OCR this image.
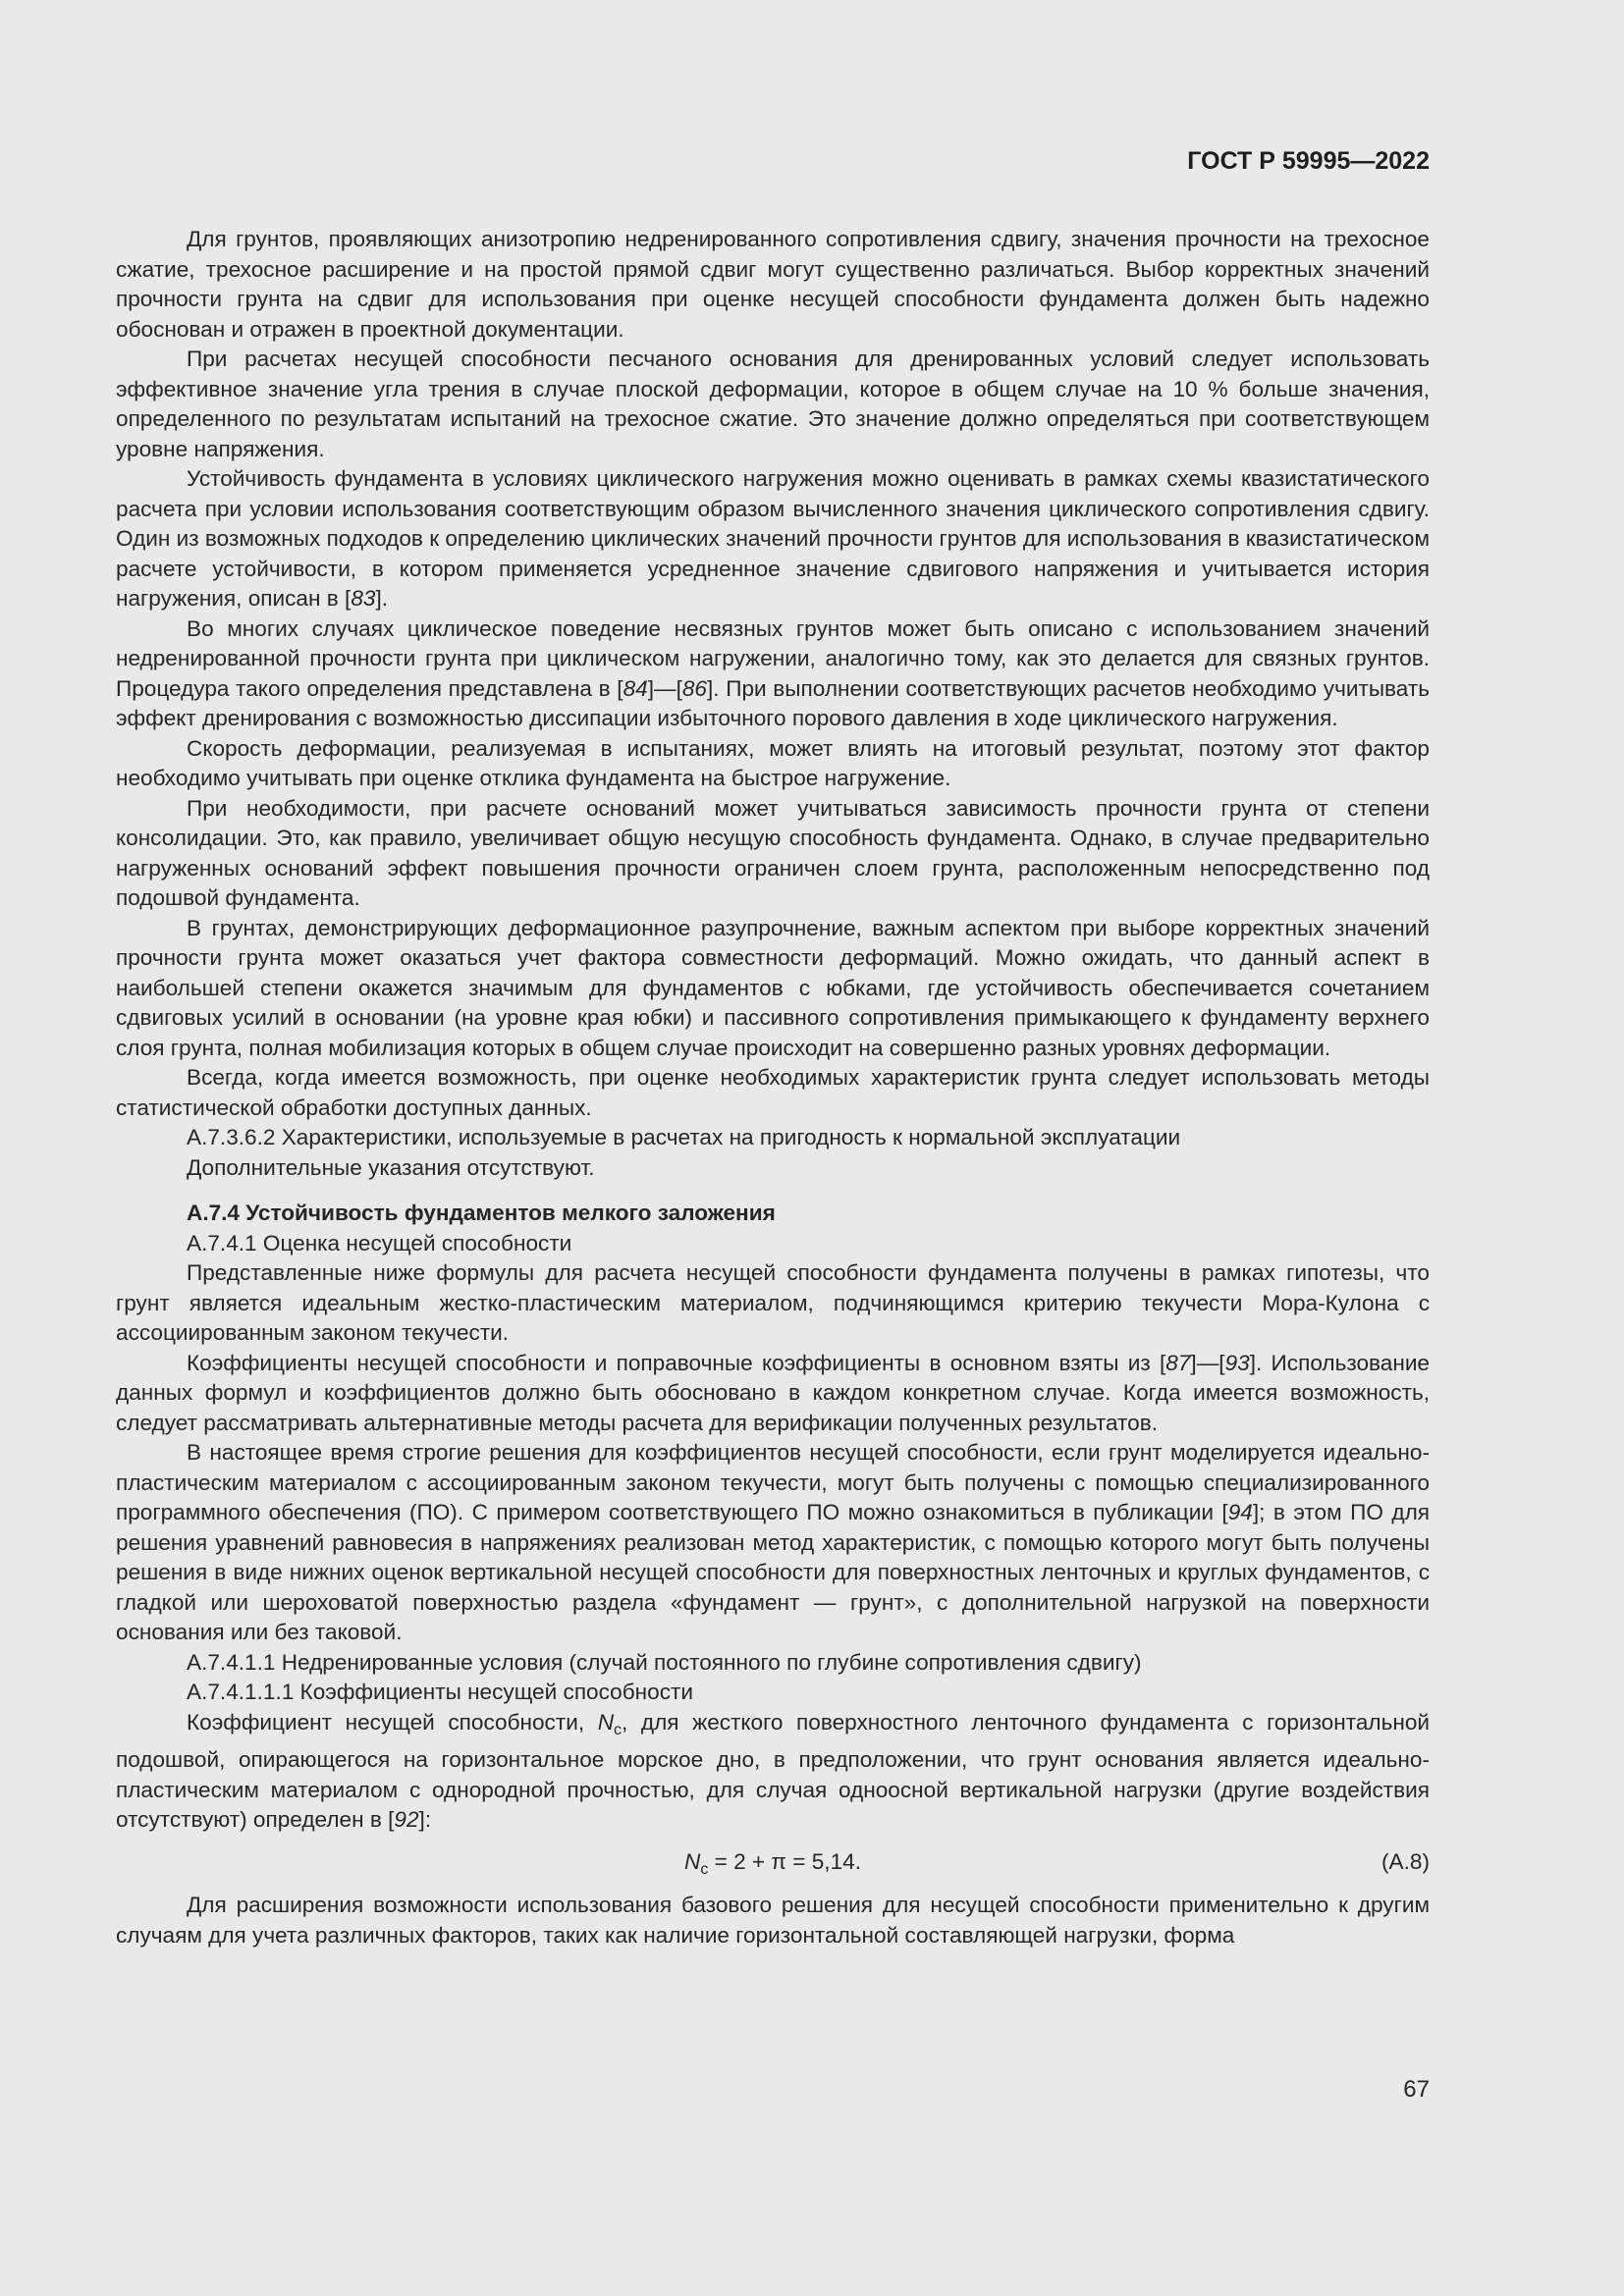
ГОСТ Р 59995—2022

Для грунтов, проявляющих анизотропию недренированного сопротивления сдвигу, значения прочности на трехосное сжатие, трехосное расширение и на простой прямой сдвиг могут существенно различаться. Выбор корректных значений прочности грунта на сдвиг для использования при оценке несущей способности фундамента должен быть надежно обоснован и отражен в проектной документации.

При расчетах несущей способности песчаного основания для дренированных условий следует использовать эффективное значение угла трения в случае плоской деформации, которое в общем случае на 10 % больше значения, определенного по результатам испытаний на трехосное сжатие. Это значение должно определяться при соответствующем уровне напряжения.

Устойчивость фундамента в условиях циклического нагружения можно оценивать в рамках схемы квазистатического расчета при условии использования соответствующим образом вычисленного значения циклического сопротивления сдвигу. Один из возможных подходов к определению циклических значений прочности грунтов для использования в квазистатическом расчете устойчивости, в котором применяется усредненное значение сдвигового напряжения и учитывается история нагружения, описан в [83].

Во многих случаях циклическое поведение несвязных грунтов может быть описано с использованием значений недренированной прочности грунта при циклическом нагружении, аналогично тому, как это делается для связных грунтов. Процедура такого определения представлена в [84]—[86]. При выполнении соответствующих расчетов необходимо учитывать эффект дренирования с возможностью диссипации избыточного порового давления в ходе циклического нагружения.

Скорость деформации, реализуемая в испытаниях, может влиять на итоговый результат, поэтому этот фактор необходимо учитывать при оценке отклика фундамента на быстрое нагружение.

При необходимости, при расчете оснований может учитываться зависимость прочности грунта от степени консолидации. Это, как правило, увеличивает общую несущую способность фундамента. Однако, в случае предварительно нагруженных оснований эффект повышения прочности ограничен слоем грунта, расположенным непосредственно под подошвой фундамента.

В грунтах, демонстрирующих деформационное разупрочнение, важным аспектом при выборе корректных значений прочности грунта может оказаться учет фактора совместности деформаций. Можно ожидать, что данный аспект в наибольшей степени окажется значимым для фундаментов с юбками, где устойчивость обеспечивается сочетанием сдвиговых усилий в основании (на уровне края юбки) и пассивного сопротивления примыкающего к фундаменту верхнего слоя грунта, полная мобилизация которых в общем случае происходит на совершенно разных уровнях деформации.

Всегда, когда имеется возможность, при оценке необходимых характеристик грунта следует использовать методы статистической обработки доступных данных.

А.7.3.6.2 Характеристики, используемые в расчетах на пригодность к нормальной эксплуатации

Дополнительные указания отсутствуют.

А.7.4 Устойчивость фундаментов мелкого заложения

А.7.4.1 Оценка несущей способности

Представленные ниже формулы для расчета несущей способности фундамента получены в рамках гипотезы, что грунт является идеальным жестко-пластическим материалом, подчиняющимся критерию текучести Мора-Кулона с ассоциированным законом текучести.

Коэффициенты несущей способности и поправочные коэффициенты в основном взяты из [87]—[93]. Использование данных формул и коэффициентов должно быть обосновано в каждом конкретном случае. Когда имеется возможность, следует рассматривать альтернативные методы расчета для верификации полученных результатов.

В настоящее время строгие решения для коэффициентов несущей способности, если грунт моделируется идеально-пластическим материалом с ассоциированным законом текучести, могут быть получены с помощью специализированного программного обеспечения (ПО). С примером соответствующего ПО можно ознакомиться в публикации [94]; в этом ПО для решения уравнений равновесия в напряжениях реализован метод характеристик, с помощью которого могут быть получены решения в виде нижних оценок вертикальной несущей способности для поверхностных ленточных и круглых фундаментов, с гладкой или шероховатой поверхностью раздела «фундамент — грунт», с дополнительной нагрузкой на поверхности основания или без таковой.

А.7.4.1.1 Недренированные условия (случай постоянного по глубине сопротивления сдвигу)

А.7.4.1.1.1 Коэффициенты несущей способности

Коэффициент несущей способности, $N_c$, для жесткого поверхностного ленточного фундамента с горизонтальной подошвой, опирающегося на горизонтальное морское дно, в предположении, что грунт основания является идеально-пластическим материалом с однородной прочностью, для случая одноосной вертикальной нагрузки (другие воздействия отсутствуют) определен в [92]:

$N_c = 2 + \pi = 5,14$.	(А.8)

Для расширения возможности использования базового решения для несущей способности применительно к другим случаям для учета различных факторов, таких как наличие горизонтальной составляющей нагрузки, форма

67
